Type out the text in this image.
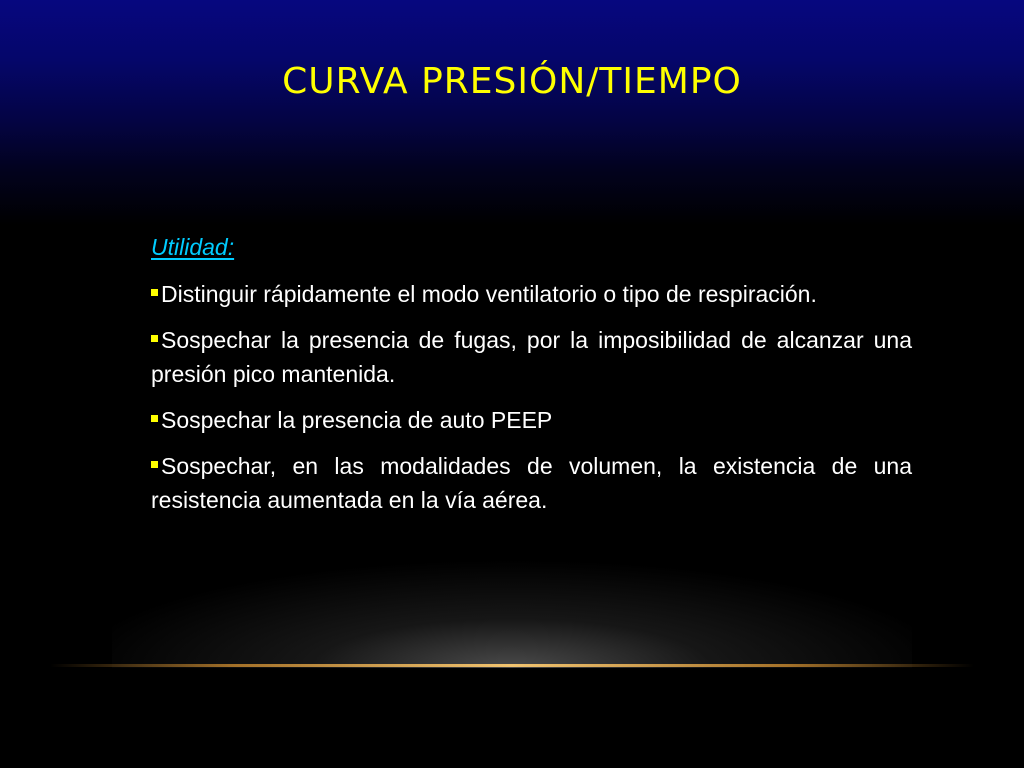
CURVA PRESIÓN/TIEMPO

Utilidad:

Distinguir rápidamente el modo ventilatorio o tipo de respiración.
Sospechar la presencia de fugas, por la imposibilidad de alcanzar una presión pico mantenida.
Sospechar la presencia de auto PEEP
Sospechar, en las modalidades de volumen, la existencia de una resistencia aumentada en la vía aérea.
